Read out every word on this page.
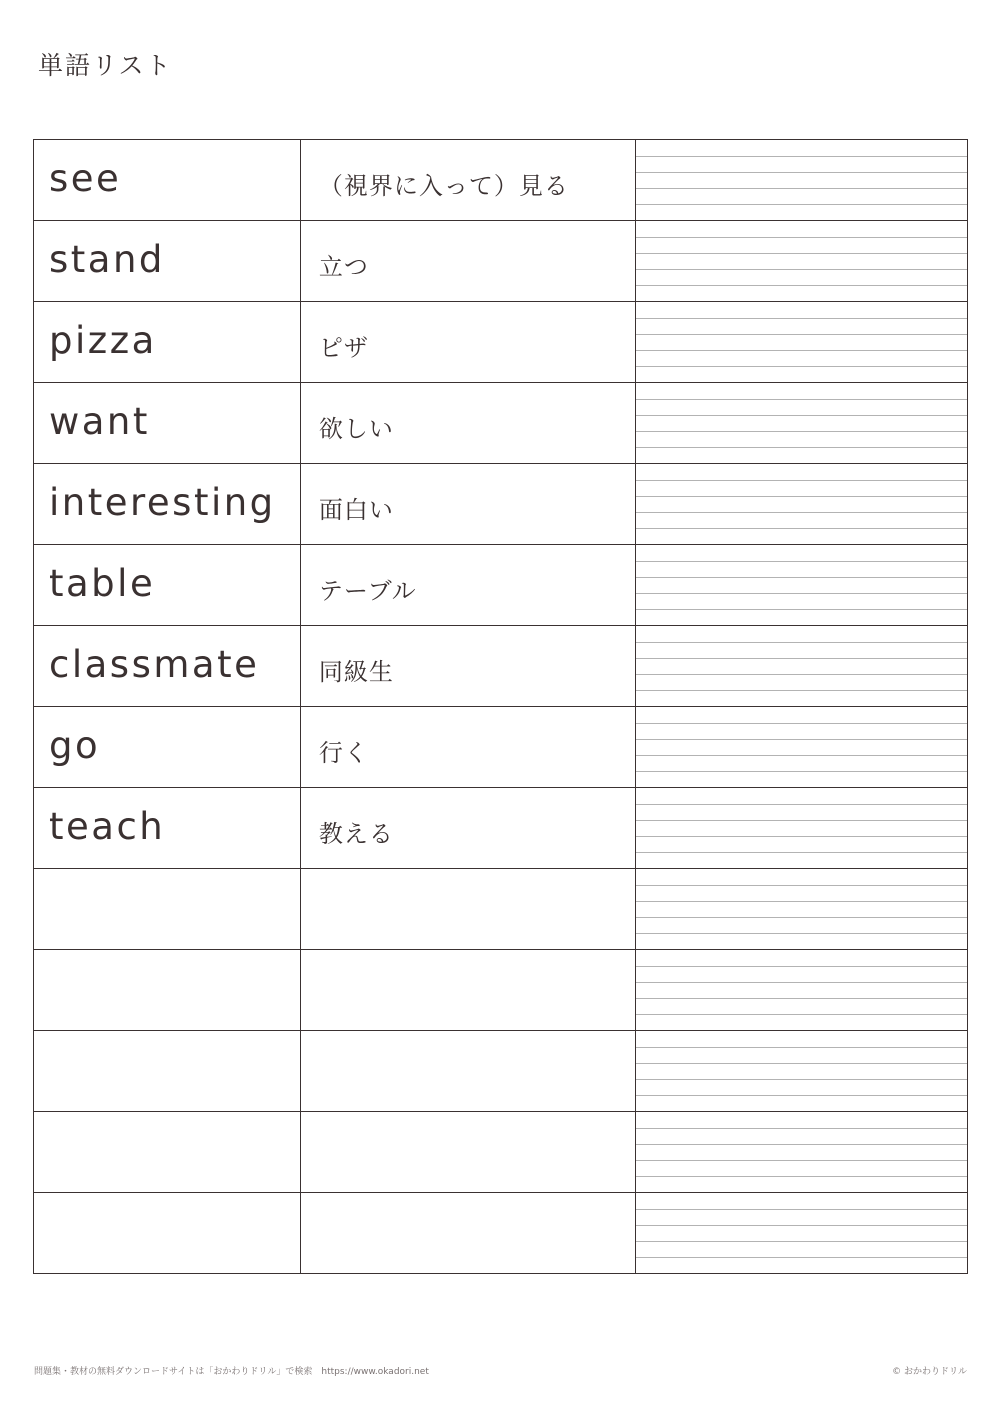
単語リスト
see	（視界に入って）見る	

stand	立つ	

pizza	ピザ	

want	欲しい	

interesting	面白い	

table	テーブル	

classmate	同級生	

go	行く	

teach	教える	

問題集・教材の無料ダウンロードサイトは「おかわりドリル」で検索　https://www.okadori.net	© おかわりドリル
